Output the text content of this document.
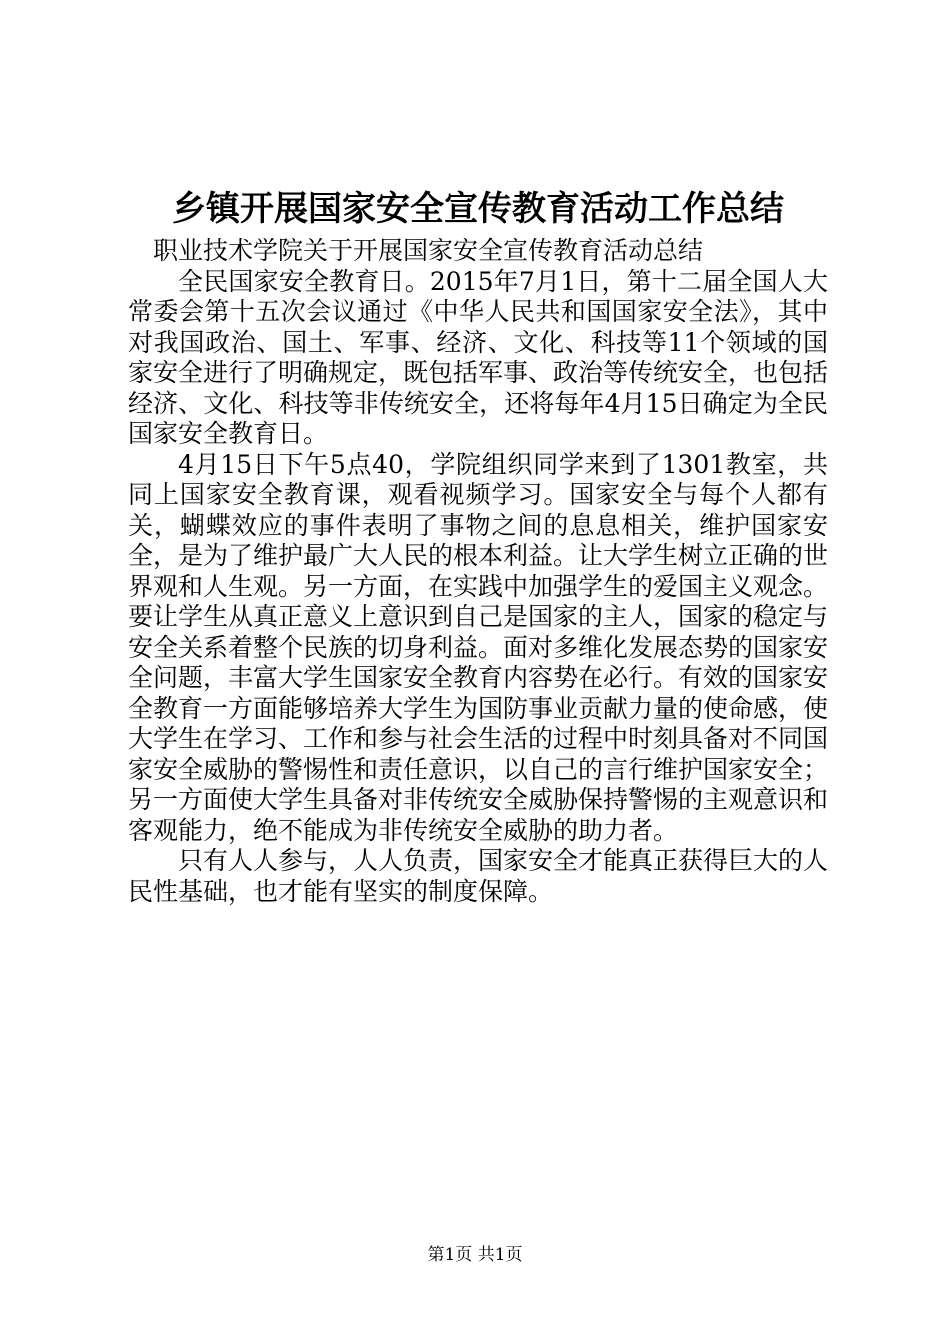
乡镇开展国家安全宣传教育活动工作总结

职业技术学院关于开展国家安全宣传教育活动总结

全民国家安全教育日。2015年7月1日，第十二届全国人大常委会第十五次会议通过《中华人民共和国国家安全法》，其中对我国政治、国土、军事、经济、文化、科技等11个领域的国家安全进行了明确规定，既包括军事、政治等传统安全，也包括经济、文化、科技等非传统安全，还将每年4月15日确定为全民国家安全教育日。

4月15日下午5点40，学院组织同学来到了1301教室，共同上国家安全教育课，观看视频学习。国家安全与每个人都有关，蝴蝶效应的事件表明了事物之间的息息相关，维护国家安全，是为了维护最广大人民的根本利益。让大学生树立正确的世界观和人生观。另一方面，在实践中加强学生的爱国主义观念。要让学生从真正意义上意识到自己是国家的主人，国家的稳定与安全关系着整个民族的切身利益。面对多维化发展态势的国家安全问题，丰富大学生国家安全教育内容势在必行。有效的国家安全教育一方面能够培养大学生为国防事业贡献力量的使命感，使大学生在学习、工作和参与社会生活的过程中时刻具备对不同国家安全威胁的警惕性和责任意识，以自己的言行维护国家安全；另一方面使大学生具备对非传统安全威胁保持警惕的主观意识和客观能力，绝不能成为非传统安全威胁的助力者。

只有人人参与，人人负责，国家安全才能真正获得巨大的人民性基础，也才能有坚实的制度保障。

第1页 共1页
